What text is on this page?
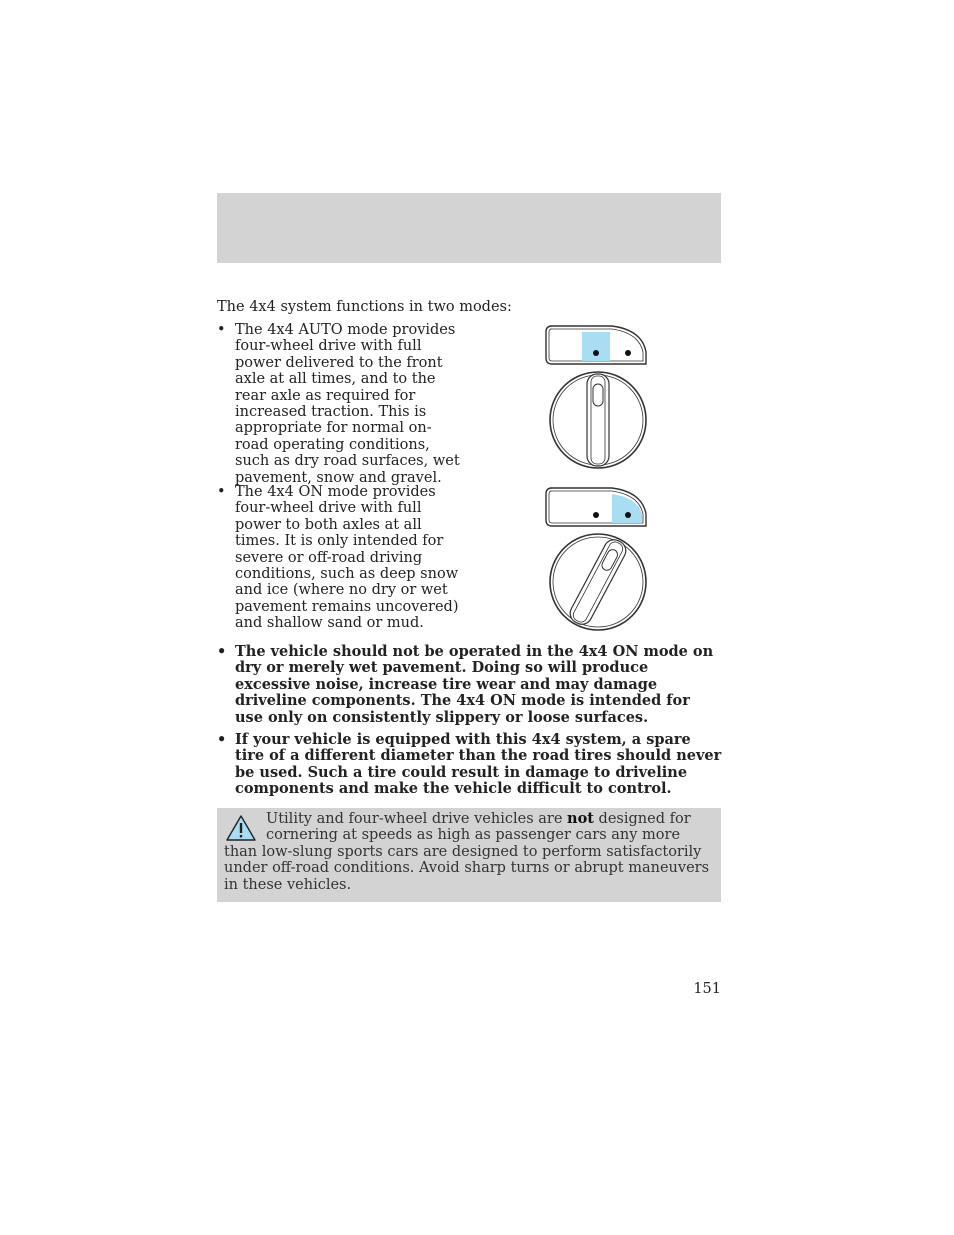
The 4x4 system functions in two modes:

• The 4x4 AUTO mode provides four-wheel drive with full power delivered to the front axle at all times, and to the rear axle as required for increased traction. This is appropriate for normal on-road operating conditions, such as dry road surfaces, wet pavement, snow and gravel.
• The 4x4 ON mode provides four-wheel drive with full power to both axles at all times. It is only intended for severe or off-road driving conditions, such as deep snow and ice (where no dry or wet pavement remains uncovered) and shallow sand or mud.
• The vehicle should not be operated in the 4x4 ON mode on dry or merely wet pavement. Doing so will produce excessive noise, increase tire wear and may damage driveline components. The 4x4 ON mode is intended for use only on consistently slippery or loose surfaces.
• If your vehicle is equipped with this 4x4 system, a spare tire of a different diameter than the road tires should never be used. Such a tire could result in damage to driveline components and make the vehicle difficult to control.

Utility and four-wheel drive vehicles are not designed for cornering at speeds as high as passenger cars any more than low-slung sports cars are designed to perform satisfactorily under off-road conditions. Avoid sharp turns or abrupt maneuvers in these vehicles.

151
